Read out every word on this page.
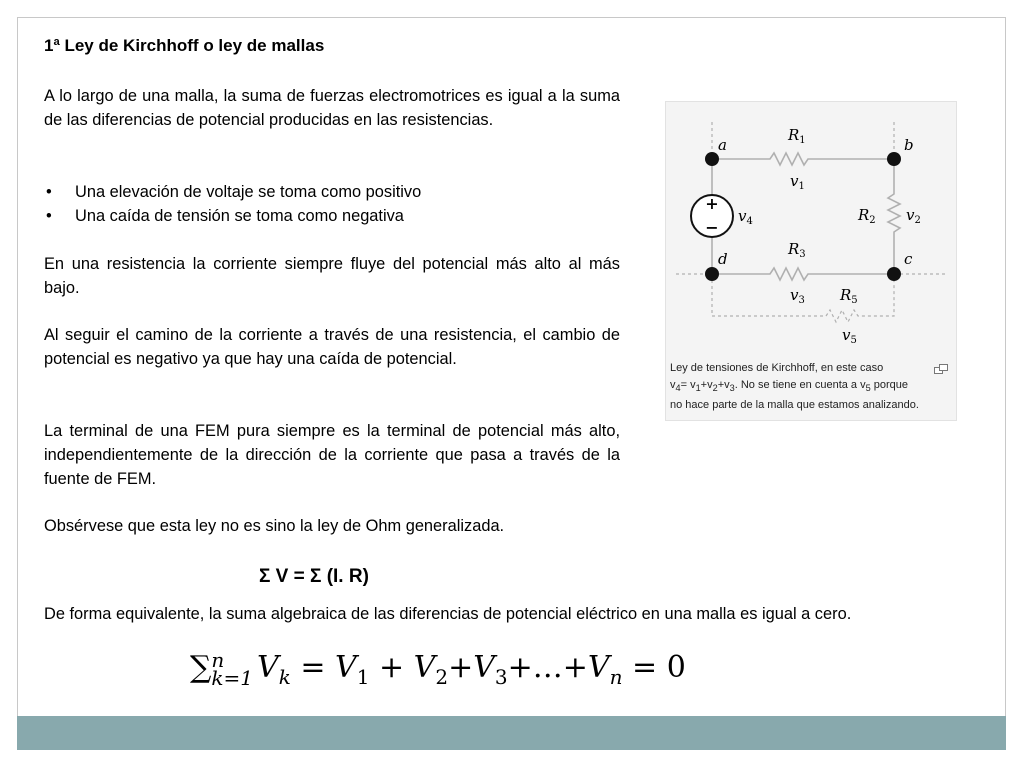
1ª Ley de Kirchhoff o ley de mallas

A lo largo de una malla, la suma de fuerzas electromotrices es igual a la suma de las diferencias de potencial producidas en las resistencias.

• Una elevación de voltaje se toma como positivo
• Una caída de tensión se toma como negativa

En una resistencia la corriente siempre fluye del potencial más alto al más bajo.

Al seguir el camino de la corriente a través de una resistencia, el cambio de potencial es negativo ya que hay una caída de potencial.

La terminal de una FEM pura siempre es la terminal de potencial más alto, independientemente de la dirección de la corriente que pasa a través de la fuente de FEM.

Obsérvese que esta ley no es sino la ley de Ohm generalizada.

Σ V = Σ (I. R)

De forma equivalente, la suma algebraica de las diferencias de potencial eléctrico en una malla es igual a cero.

∑ n
k=1 $V_k = V_1$ + $V_2+V_3+\dots+V_n = 0$
+
−
a	b
c
d
$R_1$
$v_1$
$R_2$ $v_2$
$R_3$
$v_3$ $R_5$
$v_5$
$v_4$

Ley de tensiones de Kirchhoff, en este caso
$v_4= v_1+v_2+v_3$. No se tiene en cuenta a $v_5$ porque
no hace parte de la malla que estamos analizando.
